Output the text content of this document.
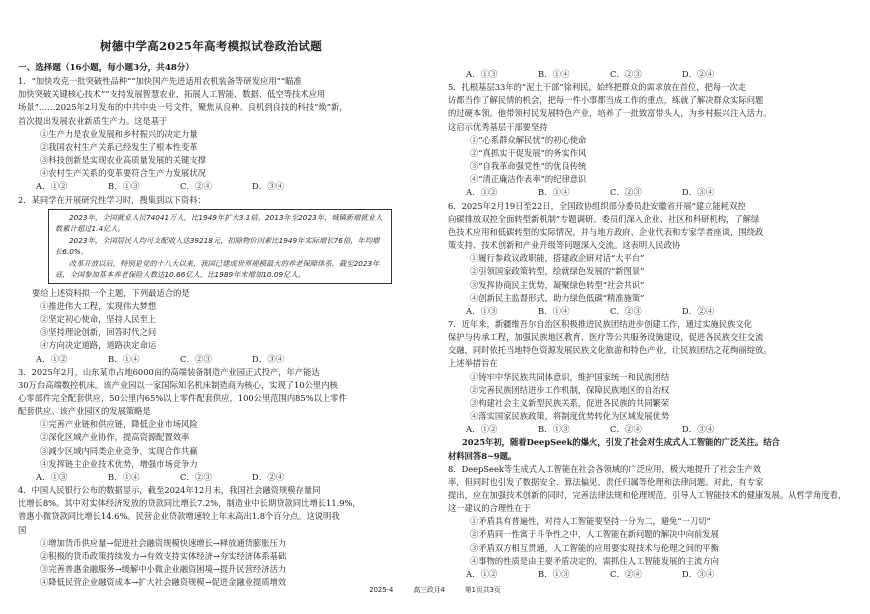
树德中学高2025年高考模拟试卷政治试题

一、选择题（16小题，每小题3分，共48分）

1．“加快攻克一批突破性品种”“加快国产先进适用农机装备等研发应用”“瞄准

加快突破关键核心技术”“支持发展智慧农业，拓展人工智能、数据、低空等技术应用

场景”……2025年2月发布的中共中央一号文件，聚焦从良种、良机到良技的科技“焕”新，

首次提出发展农业新质生产力。这是基于

①生产力是农业发展和乡村振兴的决定力量

②我国农村生产关系已经发生了根本性变革

③科技创新是实现农业高质量发展的关键支撑

④农村生产关系的变革要符合生产力发展状况

A．①②	B．①③	C．②④	D．③④

2．某同学在开展研究性学习时，搜集到以下资料：

2023年，全国就业人员74041万人，比1949年扩大3.1倍。2013年至2023年，城镇新增就业人数累计超过1.4亿人。

2023年，全国居民人均可支配收入达39218元，扣除物价因素比1949年实际增长76倍，年均增长6.0%。

改革开放以后，特别是党的十八大以来，我国已建成世界规模最大的养老保障体系，截至2023年底，全国参加基本养老保险人数达10.66亿人，比1989年末增加10.09亿人。

要给上述资料拟一个主题，下列最适合的是

①推进伟大工程，实现伟大梦想

②坚定初心使命，坚持人民至上

③坚持理论创新，回答时代之问

④方向决定道路，道路决定命运

A．①②	B．①④	C．②③	D．③④

3．2025年2月，山东某市占地6000亩的高端装备制造产业园正式投产，年产能达

30万台高端数控机床。该产业园以一家国际知名机床制造商为核心，实现了10公里内核

心零部件完全配套供应，50公里内65%以上零件配套供应，100公里范围内85%以上零件

配套供应。该产业园区的发展策略是

①完善产业链和供应链，降低企业市场风险

②深化区域产业协作，提高资源配置效率

③减少区域内同类企业竞争，实现合作共赢

④发挥链主企业技术优势，增强市场竞争力

A．①③	B．①④	C．②③	D．②④

4．中国人民银行公布的数据显示，截至2024年12月末，我国社会融资规模存量同

比增长8%。其中对实体经济发放的贷款同比增长7.2%，制造业中长期贷款同比增长11.9%，

普惠小微贷款同比增长14.6%。民营企业贷款增速较上年末高出1.8个百分点。这说明我

国

①增加货币供应量→促进社会融资规模快速增长→释放通货膨胀压力

②积极的货币政策持续发力→有效支持实体经济→夯实经济体系基础

③完善普惠金融服务→缓解中小微企业融资困境→提升民营经济活力

④降低民营企业融资成本→扩大社会融资规模→促进金融业提质增效

A．①③	B．①④	C．②③	D．②④

5．扎根基层33年的“泥土干部”徐利民，始终把群众的需求放在首位，把每一次走

访都当作了解民情的机会，把每一件小事都当成工作的重点，练就了解决群众实际问题

的过硬本领。他带领村民发展特色产业，培养了一批致富带头人，为乡村振兴注入活力。

这启示优秀基层干部要坚持

①“心系群众解民忧”的初心使命

②“真抓实干促发展”的务实作风

③“自我革命强党性”的优良传统

④“清正廉洁作表率”的纪律意识

A．①②	B．①④	C．②③	D．③④

6．2025年2月19日至22日，全国政协组织部分委员赴安徽省开展“建立能耗双控

向碳排放双控全面转型新机制”专题调研。委员们深入企业、社区和科研机构，了解绿

色技术应用和低碳转型的实际情况，并与地方政府、企业代表和专家学者座谈，围绕政

策支持、技术创新和产业升级等问题深入交流。这表明人民政协

①履行参政议政职能，搭建政企研对话“大平台”

②引领国家政策转型，绘就绿色发展的“新图景”

③发挥协商民主优势，凝聚绿色转型“社会共识”

④创新民主监督形式，助力绿色低碳“精准施策”

A．①③	B．①④	C．②③	D．②④

7．近年来，新疆维吾尔自治区积极推进民族团结进步创建工作，通过实施民族文化

保护与传承工程，加强民族地区教育、医疗等公共服务设施建设，促进各民族交往交流

交融，同时依托当地特色资源发展民族文化旅游和特色产业，让民族团结之花绚丽绽放。

上述举措旨在

①铸牢中华民族共同体意识，维护国家统一和民族团结

②完善民族团结进步工作机制，保障民族地区的自治权

③构建社会主义新型民族关系，促进各民族的共同繁荣

④落实国家民族政策，将制度优势转化为区域发展优势

A．①②	B．①③	C．②④	D．③④

2025年初，随着DeepSeek的爆火，引发了社会对生成式人工智能的广泛关注。结合

材料回答8~9题。

8．DeepSeek等生成式人工智能在社会各领域的广泛应用，极大地提升了社会生产效

率，但同时也引发了数据安全、算法偏见、责任归属等伦理和法律问题。对此，有专家

提出，应在加强技术创新的同时，完善法律法规和伦理规范，引导人工智能技术的健康发展。从哲学角度看，

这一建议的合理性在于

①矛盾具有普遍性，对待人工智能要坚持一分为二，避免“一刀切”

②矛盾同一性寓于斗争性之中，人工智能在新问题的解决中向前发展

③矛盾双方相互贯通，人工智能的应用要实现技术与伦理之间的平衡

④事物的性质是由主要矛盾决定的，需抓住人工智能发展的主流方向

A．①②	B．①③	C．②④	D．③④

2025-4	高三政月4	第1页共3页
